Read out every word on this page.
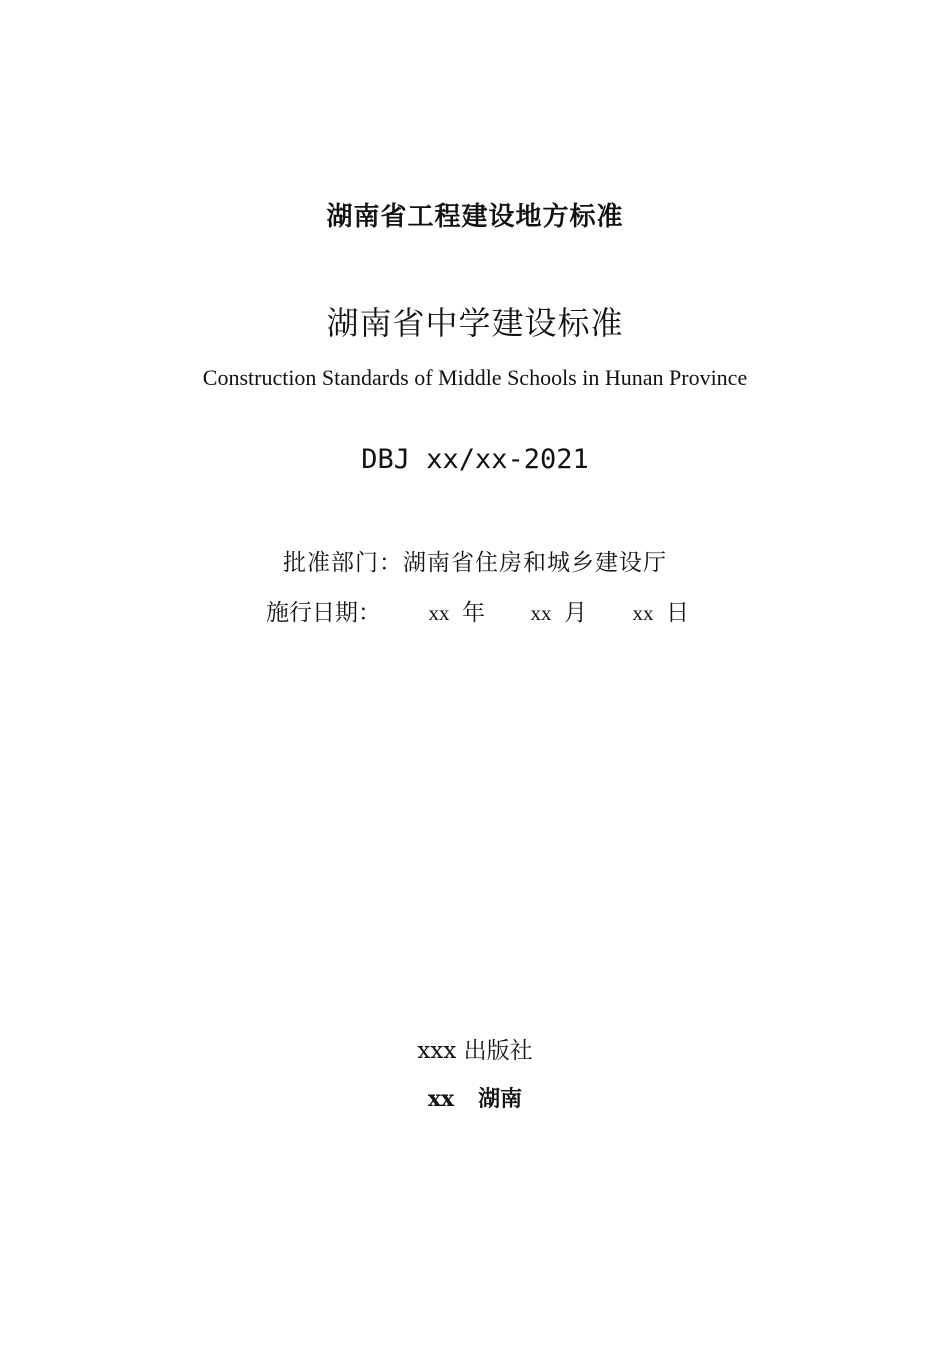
湖南省工程建设地方标准
湖南省中学建设标准
Construction Standards of Middle Schools in Hunan Province
DBJ xx/xx-2021
批准部门：湖南省住房和城乡建设厅
施行日期： xx 年 xx 月 xx 日
xxx 出版社
xx 湖南
